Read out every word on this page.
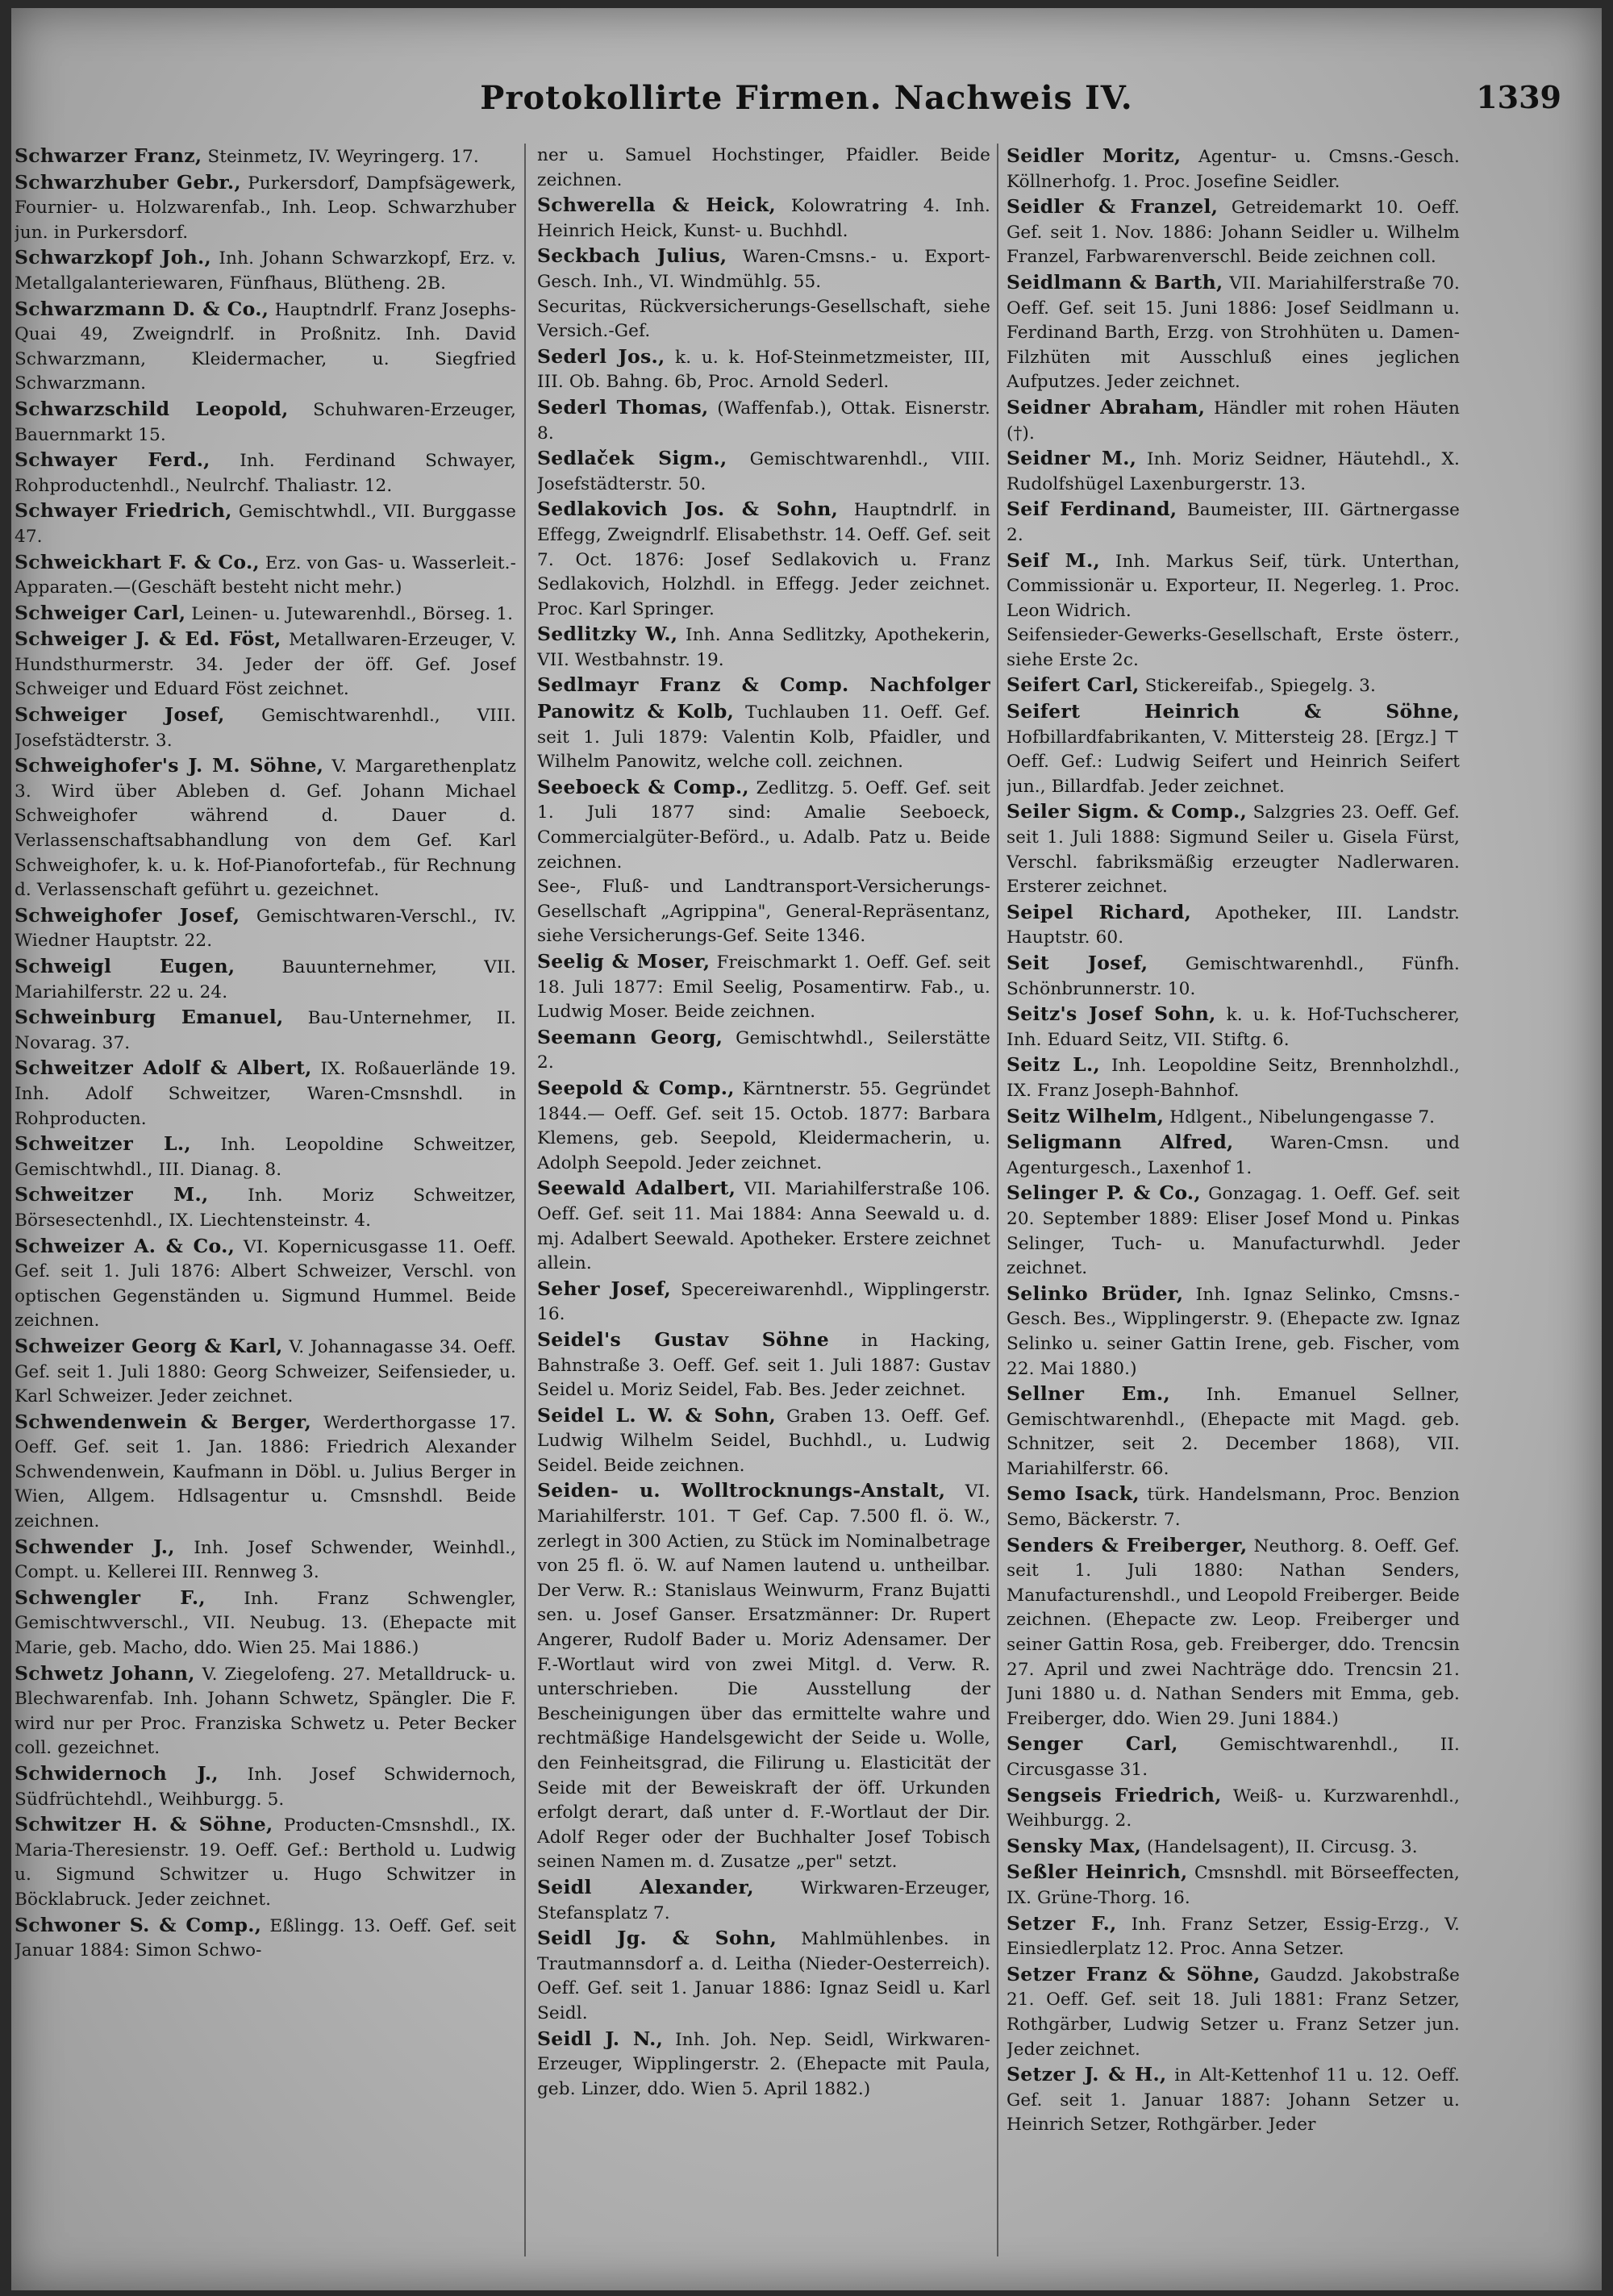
Protokollirte Firmen. Nachweis IV.	1339

Schwarzer Franz, Steinmetz, IV. Weyringerg. 17.

Schwarzhuber Gebr., Purkersdorf, Dampfsägewerk, Fournier- u. Holzwarenfab., Inh. Leop. Schwarzhuber jun. in Purkersdorf.

Schwarzkopf Joh., Inh. Johann Schwarzkopf, Erz. v. Metallgalanteriewaren, Fünfhaus, Blütheng. 2B.

Schwarzmann D. & Co., Hauptndrlf. Franz Josephs-Quai 49, Zweigndrlf. in Proßnitz. Inh. David Schwarzmann, Kleidermacher, u. Siegfried Schwarzmann.

Schwarzschild Leopold, Schuhwaren-Erzeuger, Bauernmarkt 15.

Schwayer Ferd., Inh. Ferdinand Schwayer, Rohproductenhdl., Neulrchf. Thaliastr. 12.

Schwayer Friedrich, Gemischtwhdl., VII. Burggasse 47.

Schweickhart F. & Co., Erz. von Gas- u. Wasserleit.-Apparaten.—(Geschäft besteht nicht mehr.)

Schweiger Carl, Leinen- u. Jutewarenhdl., Börseg. 1.

Schweiger J. & Ed. Föst, Metallwaren-Erzeuger, V. Hundsthurmerstr. 34. Jeder der öff. Gef. Josef Schweiger und Eduard Föst zeichnet.

Schweiger Josef, Gemischtwarenhdl., VIII. Josefstädterstr. 3.

Schweighofer's J. M. Söhne, V. Margarethenplatz 3. Wird über Ableben d. Gef. Johann Michael Schweighofer während d. Dauer d. Verlassenschaftsabhandlung von dem Gef. Karl Schweighofer, k. u. k. Hof-Pianofortefab., für Rechnung d. Verlassenschaft geführt u. gezeichnet.

Schweighofer Josef, Gemischtwaren-Verschl., IV. Wiedner Hauptstr. 22.

Schweigl Eugen, Bauunternehmer, VII. Mariahilferstr. 22 u. 24.

Schweinburg Emanuel, Bau-Unternehmer, II. Novarag. 37.

Schweitzer Adolf & Albert, IX. Roßauerlände 19. Inh. Adolf Schweitzer, Waren-Cmsnshdl. in Rohproducten.

Schweitzer L., Inh. Leopoldine Schweitzer, Gemischtwhdl., III. Dianag. 8.

Schweitzer M., Inh. Moriz Schweitzer, Börsesectenhdl., IX. Liechtensteinstr. 4.

Schweizer A. & Co., VI. Kopernicusgasse 11. Oeff. Gef. seit 1. Juli 1876: Albert Schweizer, Verschl. von optischen Gegenständen u. Sigmund Hummel. Beide zeichnen.

Schweizer Georg & Karl, V. Johannagasse 34. Oeff. Gef. seit 1. Juli 1880: Georg Schweizer, Seifensieder, u. Karl Schweizer. Jeder zeichnet.

Schwendenwein & Berger, Werderthorgasse 17. Oeff. Gef. seit 1. Jan. 1886: Friedrich Alexander Schwendenwein, Kaufmann in Döbl. u. Julius Berger in Wien, Allgem. Hdlsagentur u. Cmsnshdl. Beide zeichnen.

Schwender J., Inh. Josef Schwender, Weinhdl., Compt. u. Kellerei III. Rennweg 3.

Schwengler F., Inh. Franz Schwengler, Gemischtwverschl., VII. Neubug. 13. (Ehepacte mit Marie, geb. Macho, ddo. Wien 25. Mai 1886.)

Schwetz Johann, V. Ziegelofeng. 27. Metalldruck- u. Blechwarenfab. Inh. Johann Schwetz, Spängler. Die F. wird nur per Proc. Franziska Schwetz u. Peter Becker coll. gezeichnet.

Schwidernoch J., Inh. Josef Schwidernoch, Südfrüchtehdl., Weihburgg. 5.

Schwitzer H. & Söhne, Producten-Cmsnshdl., IX. Maria-Theresienstr. 19. Oeff. Gef.: Berthold u. Ludwig u. Sigmund Schwitzer u. Hugo Schwitzer in Böcklabruck. Jeder zeichnet.

Schwoner S. & Comp., Eßlingg. 13. Oeff. Gef. seit Januar 1884: Simon Schwo-

ner u. Samuel Hochstinger, Pfaidler. Beide zeichnen.

Schwerella & Heick, Kolowratring 4. Inh. Heinrich Heick, Kunst- u. Buchhdl.

Seckbach Julius, Waren-Cmsns.- u. Export-Gesch. Inh., VI. Windmühlg. 55.

Securitas, Rückversicherungs-Gesellschaft, siehe Versich.-Gef.

Sederl Jos., k. u. k. Hof-Steinmetzmeister, III, III. Ob. Bahng. 6b, Proc. Arnold Sederl.

Sederl Thomas, (Waffenfab.), Ottak. Eisnerstr. 8.

Sedlaček Sigm., Gemischtwarenhdl., VIII. Josefstädterstr. 50.

Sedlakovich Jos. & Sohn, Hauptndrlf. in Effegg, Zweigndrlf. Elisabethstr. 14. Oeff. Gef. seit 7. Oct. 1876: Josef Sedlakovich u. Franz Sedlakovich, Holzhdl. in Effegg. Jeder zeichnet. Proc. Karl Springer.

Sedlitzky W., Inh. Anna Sedlitzky, Apothekerin, VII. Westbahnstr. 19.

Sedlmayr Franz & Comp. Nachfolger Panowitz & Kolb, Tuchlauben 11. Oeff. Gef. seit 1. Juli 1879: Valentin Kolb, Pfaidler, und Wilhelm Panowitz, welche coll. zeichnen.

Seeboeck & Comp., Zedlitzg. 5. Oeff. Gef. seit 1. Juli 1877 sind: Amalie Seeboeck, Commercialgüter-Beförd., u. Adalb. Patz u. Beide zeichnen.

See-, Fluß- und Landtransport-Versicherungs-Gesellschaft „Agrippina", General-Repräsentanz, siehe Versicherungs-Gef. Seite 1346.

Seelig & Moser, Freischmarkt 1. Oeff. Gef. seit 18. Juli 1877: Emil Seelig, Posamentirw. Fab., u. Ludwig Moser. Beide zeichnen.

Seemann Georg, Gemischtwhdl., Seilerstätte 2.

Seepold & Comp., Kärntnerstr. 55. Gegründet 1844.— Oeff. Gef. seit 15. Octob. 1877: Barbara Klemens, geb. Seepold, Kleidermacherin, u. Adolph Seepold. Jeder zeichnet.

Seewald Adalbert, VII. Mariahilferstraße 106. Oeff. Gef. seit 11. Mai 1884: Anna Seewald u. d. mj. Adalbert Seewald. Apotheker. Erstere zeichnet allein.

Seher Josef, Specereiwarenhdl., Wipplingerstr. 16.

Seidel's Gustav Söhne in Hacking, Bahnstraße 3. Oeff. Gef. seit 1. Juli 1887: Gustav Seidel u. Moriz Seidel, Fab. Bes. Jeder zeichnet.

Seidel L. W. & Sohn, Graben 13. Oeff. Gef. Ludwig Wilhelm Seidel, Buchhdl., u. Ludwig Seidel. Beide zeichnen.

Seiden- u. Wolltrocknungs-Anstalt, VI. Mariahilferstr. 101. ⊤ Gef. Cap. 7.500 fl. ö. W., zerlegt in 300 Actien, zu Stück im Nominalbetrage von 25 fl. ö. W. auf Namen lautend u. untheilbar. Der Verw. R.: Stanislaus Weinwurm, Franz Bujatti sen. u. Josef Ganser. Ersatzmänner: Dr. Rupert Angerer, Rudolf Bader u. Moriz Adensamer. Der F.-Wortlaut wird von zwei Mitgl. d. Verw. R. unterschrieben. Die Ausstellung der Bescheinigungen über das ermittelte wahre und rechtmäßige Handelsgewicht der Seide u. Wolle, den Feinheitsgrad, die Filirung u. Elasticität der Seide mit der Beweiskraft der öff. Urkunden erfolgt derart, daß unter d. F.-Wortlaut der Dir. Adolf Reger oder der Buchhalter Josef Tobisch seinen Namen m. d. Zusatze „per" setzt.

Seidl Alexander, Wirkwaren-Erzeuger, Stefansplatz 7.

Seidl Jg. & Sohn, Mahlmühlenbes. in Trautmannsdorf a. d. Leitha (Nieder-Oesterreich). Oeff. Gef. seit 1. Januar 1886: Ignaz Seidl u. Karl Seidl.

Seidl J. N., Inh. Joh. Nep. Seidl, Wirkwaren-Erzeuger, Wipplingerstr. 2. (Ehepacte mit Paula, geb. Linzer, ddo. Wien 5. April 1882.)

Seidler Moritz, Agentur- u. Cmsns.-Gesch. Köllnerhofg. 1. Proc. Josefine Seidler.

Seidler & Franzel, Getreidemarkt 10. Oeff. Gef. seit 1. Nov. 1886: Johann Seidler u. Wilhelm Franzel, Farbwarenverschl. Beide zeichnen coll.

Seidlmann & Barth, VII. Mariahilferstraße 70. Oeff. Gef. seit 15. Juni 1886: Josef Seidlmann u. Ferdinand Barth, Erzg. von Strohhüten u. Damen-Filzhüten mit Ausschluß eines jeglichen Aufputzes. Jeder zeichnet.

Seidner Abraham, Händler mit rohen Häuten (†).

Seidner M., Inh. Moriz Seidner, Häutehdl., X. Rudolfshügel Laxenburgerstr. 13.

Seif Ferdinand, Baumeister, III. Gärtnergasse 2.

Seif M., Inh. Markus Seif, türk. Unterthan, Commissionär u. Exporteur, II. Negerleg. 1. Proc. Leon Widrich.

Seifensieder-Gewerks-Gesellschaft, Erste österr., siehe Erste 2c.

Seifert Carl, Stickereifab., Spiegelg. 3.

Seifert Heinrich & Söhne, Hofbillardfabrikanten, V. Mittersteig 28. [Ergz.] ⊤ Oeff. Gef.: Ludwig Seifert und Heinrich Seifert jun., Billardfab. Jeder zeichnet.

Seiler Sigm. & Comp., Salzgries 23. Oeff. Gef. seit 1. Juli 1888: Sigmund Seiler u. Gisela Fürst, Verschl. fabriksmäßig erzeugter Nadlerwaren. Ersterer zeichnet.

Seipel Richard, Apotheker, III. Landstr. Hauptstr. 60.

Seit Josef, Gemischtwarenhdl., Fünfh. Schönbrunnerstr. 10.

Seitz's Josef Sohn, k. u. k. Hof-Tuchscherer, Inh. Eduard Seitz, VII. Stiftg. 6.

Seitz L., Inh. Leopoldine Seitz, Brennholzhdl., IX. Franz Joseph-Bahnhof.

Seitz Wilhelm, Hdlgent., Nibelungengasse 7.

Seligmann Alfred, Waren-Cmsn. und Agenturgesch., Laxenhof 1.

Selinger P. & Co., Gonzagag. 1. Oeff. Gef. seit 20. September 1889: Eliser Josef Mond u. Pinkas Selinger, Tuch- u. Manufacturwhdl. Jeder zeichnet.

Selinko Brüder, Inh. Ignaz Selinko, Cmsns.-Gesch. Bes., Wipplingerstr. 9. (Ehepacte zw. Ignaz Selinko u. seiner Gattin Irene, geb. Fischer, vom 22. Mai 1880.)

Sellner Em., Inh. Emanuel Sellner, Gemischtwarenhdl., (Ehepacte mit Magd. geb. Schnitzer, seit 2. December 1868), VII. Mariahilferstr. 66.

Semo Isack, türk. Handelsmann, Proc. Benzion Semo, Bäckerstr. 7.

Senders & Freiberger, Neuthorg. 8. Oeff. Gef. seit 1. Juli 1880: Nathan Senders, Manufacturenshdl., und Leopold Freiberger. Beide zeichnen. (Ehepacte zw. Leop. Freiberger und seiner Gattin Rosa, geb. Freiberger, ddo. Trencsin 27. April und zwei Nachträge ddo. Trencsin 21. Juni 1880 u. d. Nathan Senders mit Emma, geb. Freiberger, ddo. Wien 29. Juni 1884.)

Senger Carl, Gemischtwarenhdl., II. Circusgasse 31.

Sengseis Friedrich, Weiß- u. Kurzwarenhdl., Weihburgg. 2.

Sensky Max, (Handelsagent), II. Circusg. 3.

Seßler Heinrich, Cmsnshdl. mit Börseeffecten, IX. Grüne-Thorg. 16.

Setzer F., Inh. Franz Setzer, Essig-Erzg., V. Einsiedlerplatz 12. Proc. Anna Setzer.

Setzer Franz & Söhne, Gaudzd. Jakobstraße 21. Oeff. Gef. seit 18. Juli 1881: Franz Setzer, Rothgärber, Ludwig Setzer u. Franz Setzer jun. Jeder zeichnet.

Setzer J. & H., in Alt-Kettenhof 11 u. 12. Oeff. Gef. seit 1. Januar 1887: Johann Setzer u. Heinrich Setzer, Rothgärber. Jeder
